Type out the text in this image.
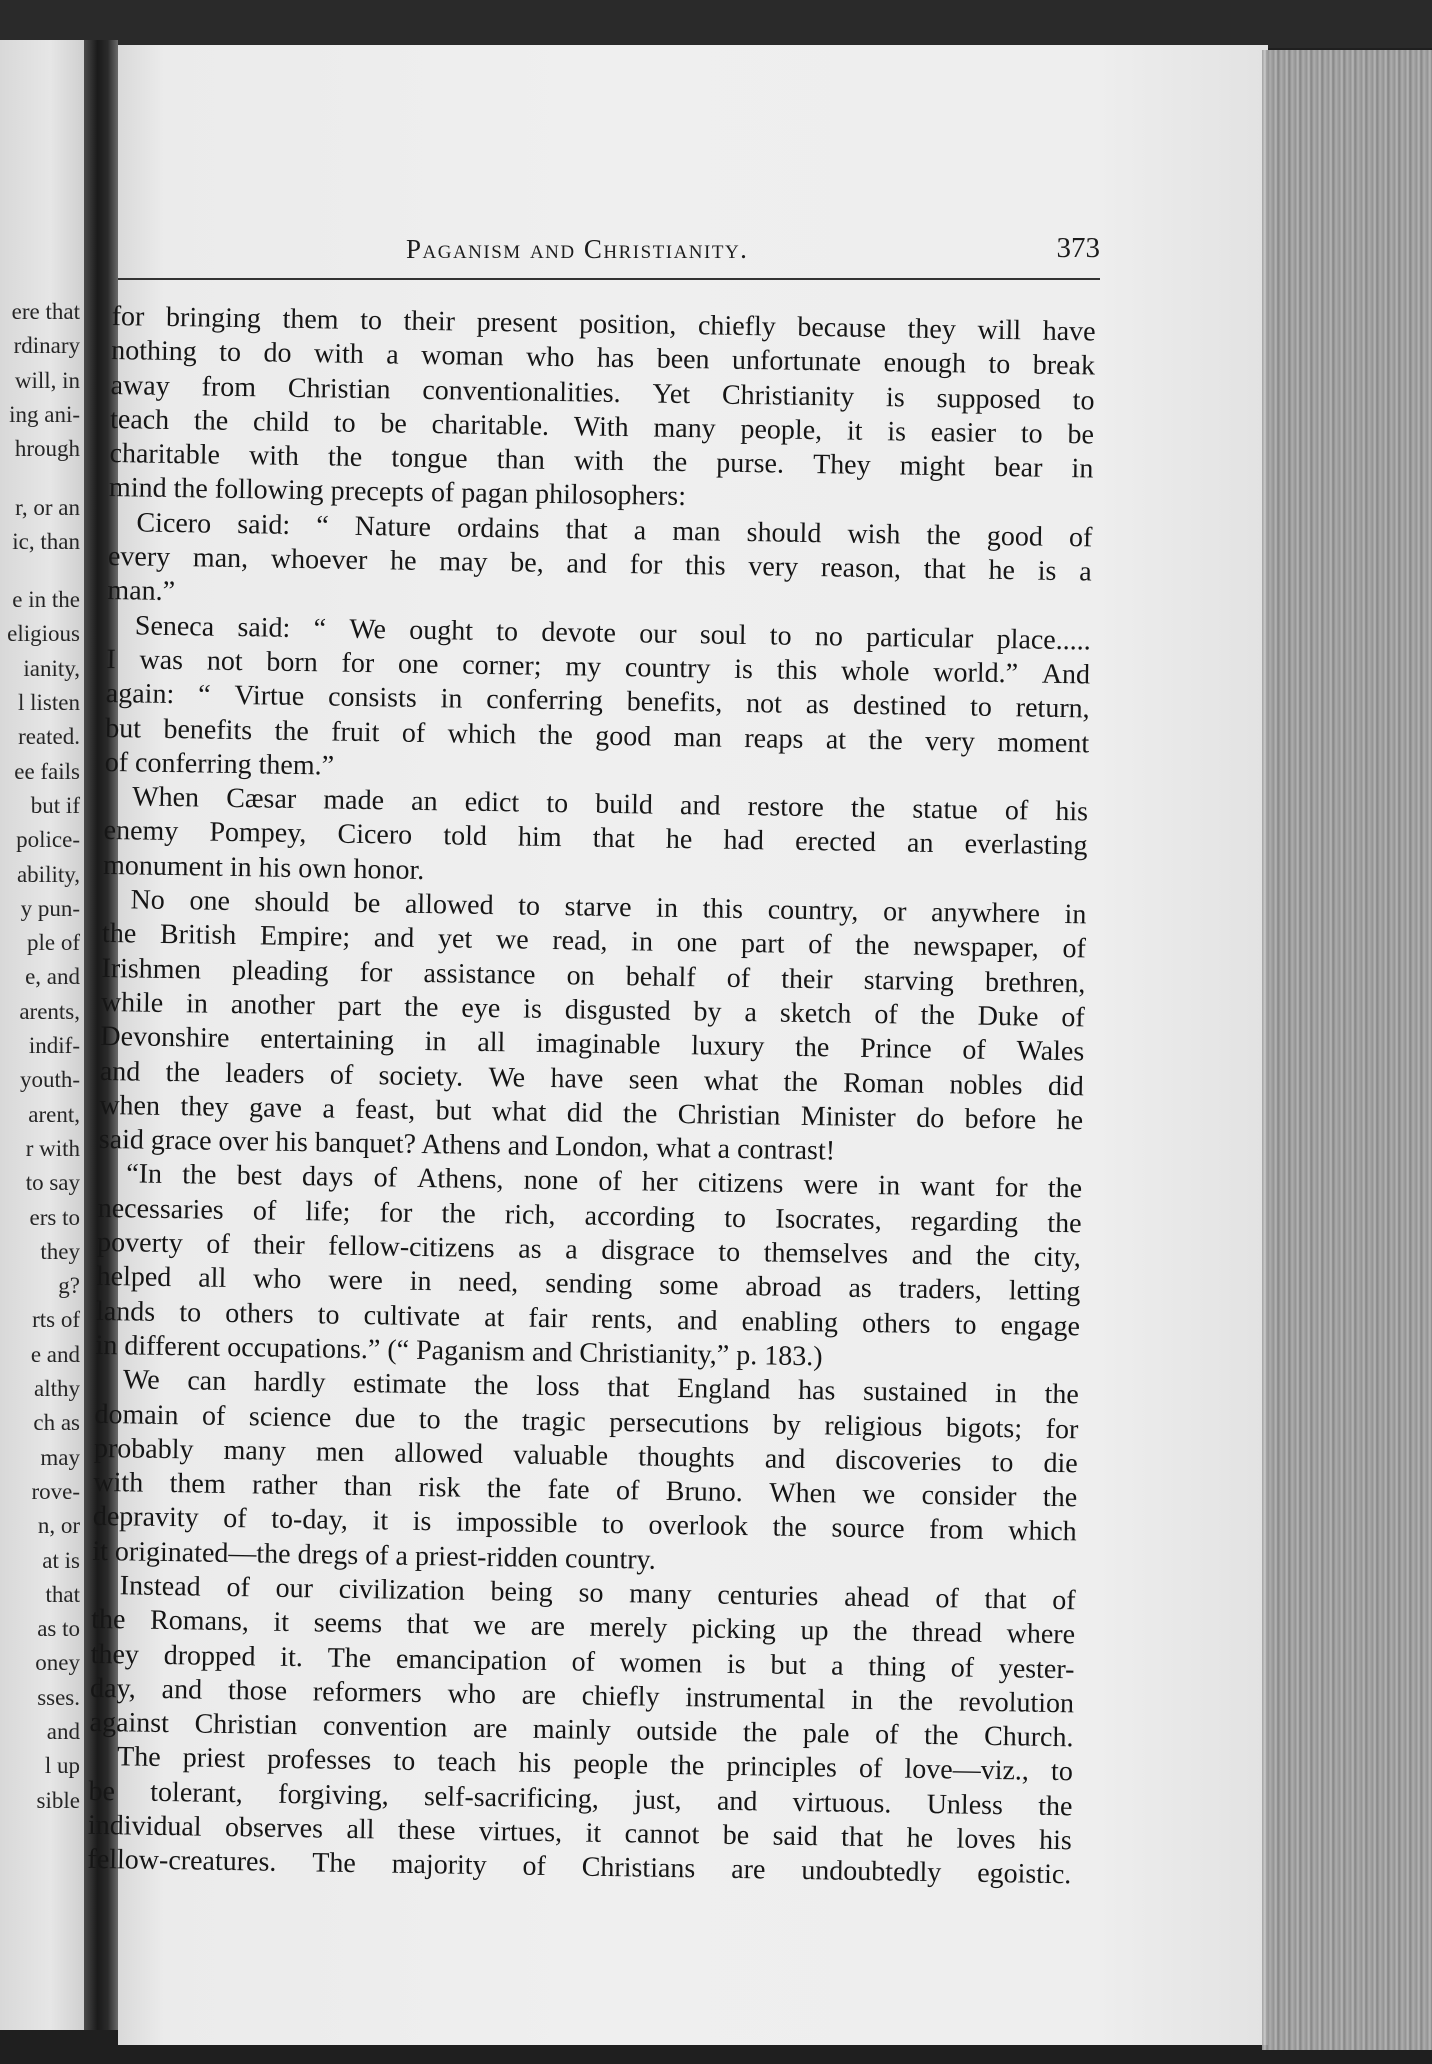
ere that
rdinary
will, in
ing ani-
hrough
r, or an
ic, than
e in the
eligious
ianity,
l listen
reated.
ee fails
but if
police-
ability,
y pun-
ple of
e, and
arents,
indif-
youth-
arent,
r with
to say
ers to
they
g?
rts of
e and
althy
ch as
may
rove-
n, or
at is
that
as to
oney
sses.
and
l up
sible
Paganism and Christianity.	373
for bringing them to their present position, chiefly because they will have
nothing to do with a woman who has been unfortunate enough to break
away from Christian conventionalities. Yet Christianity is supposed to
teach the child to be charitable. With many people, it is easier to be
charitable with the tongue than with the purse. They might bear in
mind the following precepts of pagan philosophers:
Cicero said: “ Nature ordains that a man should wish the good of
every man, whoever he may be, and for this very reason, that he is a
man.”
Seneca said: “ We ought to devote our soul to no particular place.....
I was not born for one corner; my country is this whole world.” And
again: “ Virtue consists in conferring benefits, not as destined to return,
but benefits the fruit of which the good man reaps at the very moment
of conferring them.”
When Cæsar made an edict to build and restore the statue of his
enemy Pompey, Cicero told him that he had erected an everlasting
monument in his own honor.
No one should be allowed to starve in this country, or anywhere in
the British Empire; and yet we read, in one part of the newspaper, of
Irishmen pleading for assistance on behalf of their starving brethren,
while in another part the eye is disgusted by a sketch of the Duke of
Devonshire entertaining in all imaginable luxury the Prince of Wales
and the leaders of society. We have seen what the Roman nobles did
when they gave a feast, but what did the Christian Minister do before he
said grace over his banquet? Athens and London, what a contrast!
“In the best days of Athens, none of her citizens were in want for the
necessaries of life; for the rich, according to Isocrates, regarding the
poverty of their fellow-citizens as a disgrace to themselves and the city,
helped all who were in need, sending some abroad as traders, letting
lands to others to cultivate at fair rents, and enabling others to engage
in different occupations.” (“ Paganism and Christianity,” p. 183.)
We can hardly estimate the loss that England has sustained in the
domain of science due to the tragic persecutions by religious bigots; for
probably many men allowed valuable thoughts and discoveries to die
with them rather than risk the fate of Bruno. When we consider the
depravity of to-day, it is impossible to overlook the source from which
it originated—the dregs of a priest-ridden country.
Instead of our civilization being so many centuries ahead of that of
the Romans, it seems that we are merely picking up the thread where
they dropped it. The emancipation of women is but a thing of yester-
day, and those reformers who are chiefly instrumental in the revolution
against Christian convention are mainly outside the pale of the Church.
The priest professes to teach his people the principles of love—viz., to
be tolerant, forgiving, self-sacrificing, just, and virtuous. Unless the
individual observes all these virtues, it cannot be said that he loves his
fellow-creatures. The majority of Christians are undoubtedly egoistic.
